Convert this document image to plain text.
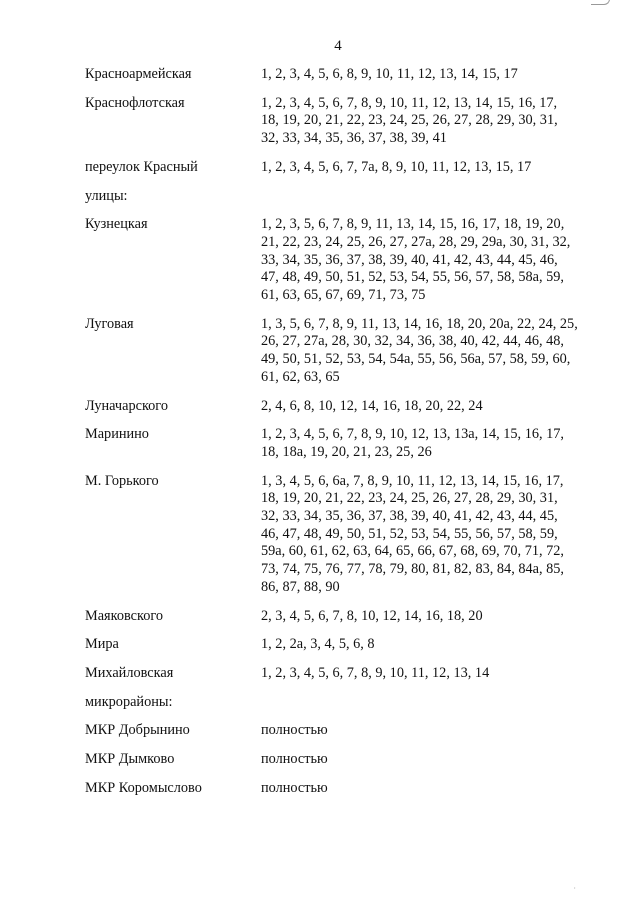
4
Красноармейская	1, 2, 3, 4, 5, 6, 8, 9, 10, 11, 12, 13, 14, 15, 17
Краснофлотская	1, 2, 3, 4, 5, 6, 7, 8, 9, 10, 11, 12, 13, 14, 15, 16, 17,
18, 19, 20, 21, 22, 23, 24, 25, 26, 27, 28, 29, 30, 31,
32, 33, 34, 35, 36, 37, 38, 39, 41
переулок Красный	1, 2, 3, 4, 5, 6, 7, 7а, 8, 9, 10, 11, 12, 13, 15, 17
улицы:
Кузнецкая	1, 2, 3, 5, 6, 7, 8, 9, 11, 13, 14, 15, 16, 17, 18, 19, 20,
21, 22, 23, 24, 25, 26, 27, 27а, 28, 29, 29а, 30, 31, 32,
33, 34, 35, 36, 37, 38, 39, 40, 41, 42, 43, 44, 45, 46,
47, 48, 49, 50, 51, 52, 53, 54, 55, 56, 57, 58, 58а, 59,
61, 63, 65, 67, 69, 71, 73, 75
Луговая	1, 3, 5, 6, 7, 8, 9, 11, 13, 14, 16, 18, 20, 20а, 22, 24, 25,
26, 27, 27а, 28, 30, 32, 34, 36, 38, 40, 42, 44, 46, 48,
49, 50, 51, 52, 53, 54, 54а, 55, 56, 56а, 57, 58, 59, 60,
61, 62, 63, 65
Луначарского	2, 4, 6, 8, 10, 12, 14, 16, 18, 20, 22, 24
Маринино	1, 2, 3, 4, 5, 6, 7, 8, 9, 10, 12, 13, 13а, 14, 15, 16, 17,
18, 18а, 19, 20, 21, 23, 25, 26
М. Горького	1, 3, 4, 5, 6, 6а, 7, 8, 9, 10, 11, 12, 13, 14, 15, 16, 17,
18, 19, 20, 21, 22, 23, 24, 25, 26, 27, 28, 29, 30, 31,
32, 33, 34, 35, 36, 37, 38, 39, 40, 41, 42, 43, 44, 45,
46, 47, 48, 49, 50, 51, 52, 53, 54, 55, 56, 57, 58, 59,
59а, 60, 61, 62, 63, 64, 65, 66, 67, 68, 69, 70, 71, 72,
73, 74, 75, 76, 77, 78, 79, 80, 81, 82, 83, 84, 84а, 85,
86, 87, 88, 90
Маяковского	2, 3, 4, 5, 6, 7, 8, 10, 12, 14, 16, 18, 20
Мира	1, 2, 2а, 3, 4, 5, 6, 8
Михайловская	1, 2, 3, 4, 5, 6, 7, 8, 9, 10, 11, 12, 13, 14
микрорайоны:
МКР Добрынино	полностью
МКР Дымково	полностью
МКР Коромыслово	полностью
·
